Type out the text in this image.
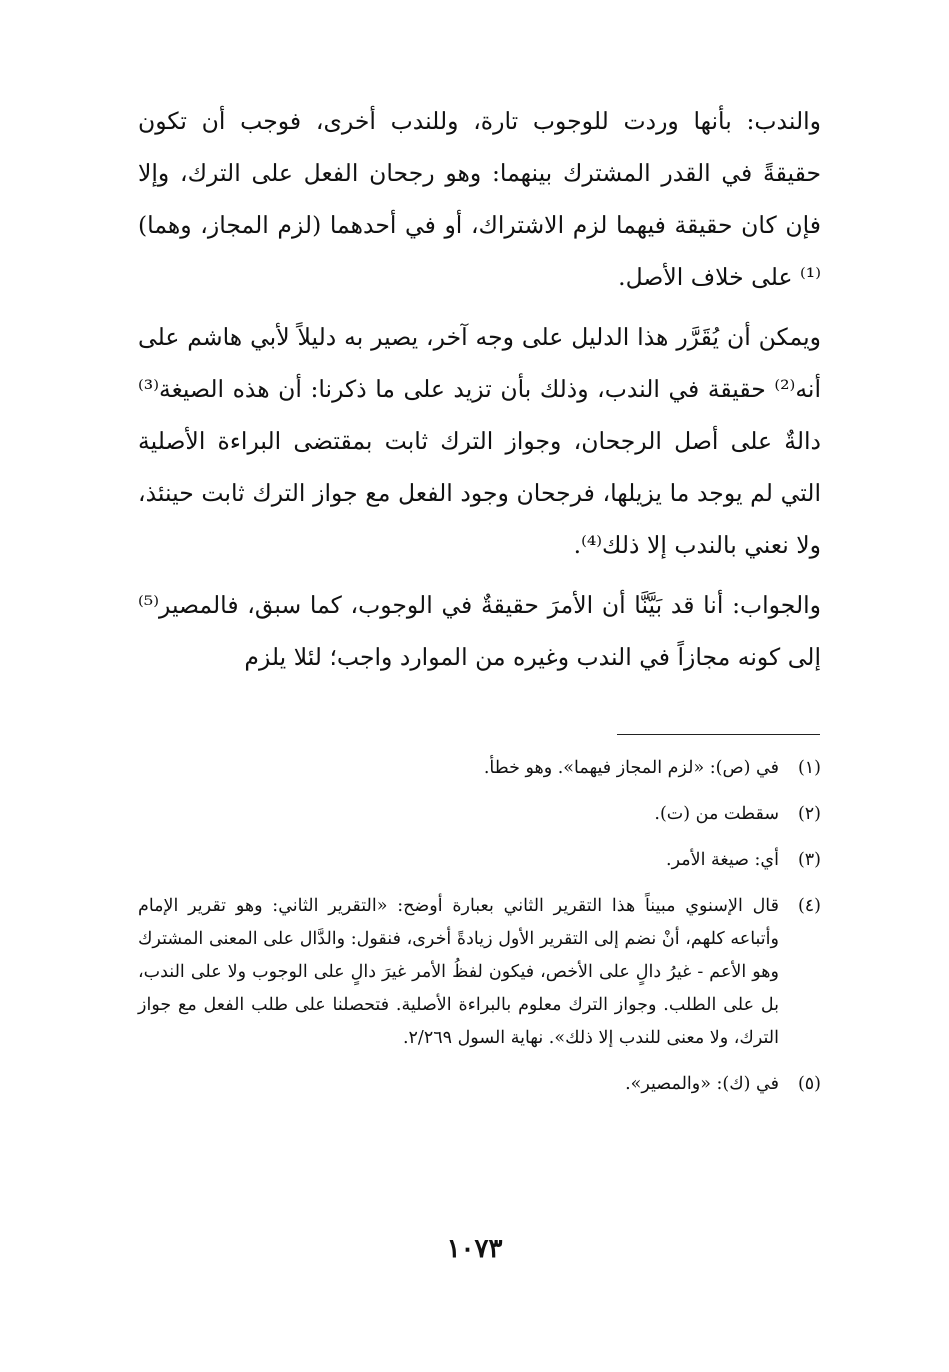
والندب: بأنها وردت للوجوب تارة، وللندب أخرى، فوجب أن تكون حقيقةً في القدر المشترك بينهما: وهو رجحان الفعل على الترك، وإلا فإن كان حقيقة فيهما لزم الاشتراك، أو في أحدهما (لزم المجاز، وهما)⁽¹⁾ على خلاف الأصل.

ويمكن أن يُقَرَّر هذا الدليل على وجه آخر، يصير به دليلاً لأبي هاشم على أنه⁽²⁾ حقيقة في الندب، وذلك بأن تزيد على ما ذكرنا: أن هذه الصيغة⁽³⁾ دالةٌ على أصل الرجحان، وجواز الترك ثابت بمقتضى البراءة الأصلية التي لم يوجد ما يزيلها، فرجحان وجود الفعل مع جواز الترك ثابت حينئذ، ولا نعني بالندب إلا ذلك⁽⁴⁾.

والجواب: أنا قد بَيَّنَّا أن الأمرَ حقيقةٌ في الوجوب، كما سبق، فالمصير⁽⁵⁾ إلى كونه مجازاً في الندب وغيره من الموارد واجب؛ لئلا يلزم

(١)
في (ص): «لزم المجاز فيهما». وهو خطأ.
(٢)
سقطت من (ت).
(٣)
أي: صيغة الأمر.
(٤)
قال الإسنوي مبيناً هذا التقرير الثاني بعبارة أوضح: «التقرير الثاني: وهو تقرير الإمام وأتباعه كلهم، أنْ نضم إلى التقرير الأول زيادةً أخرى، فنقول: والدَّال على المعنى المشترك وهو الأعم - غيرُ دالٍ على الأخص، فيكون لفظُ الأمر غيرَ دالٍ على الوجوب ولا على الندب، بل على الطلب. وجواز الترك معلوم بالبراءة الأصلية. فتحصلنا على طلب الفعل مع جواز الترك، ولا معنى للندب إلا ذلك». نهاية السول ٢/٢٦٩.
(٥)
في (ك): «والمصير».
١٠٧٣
